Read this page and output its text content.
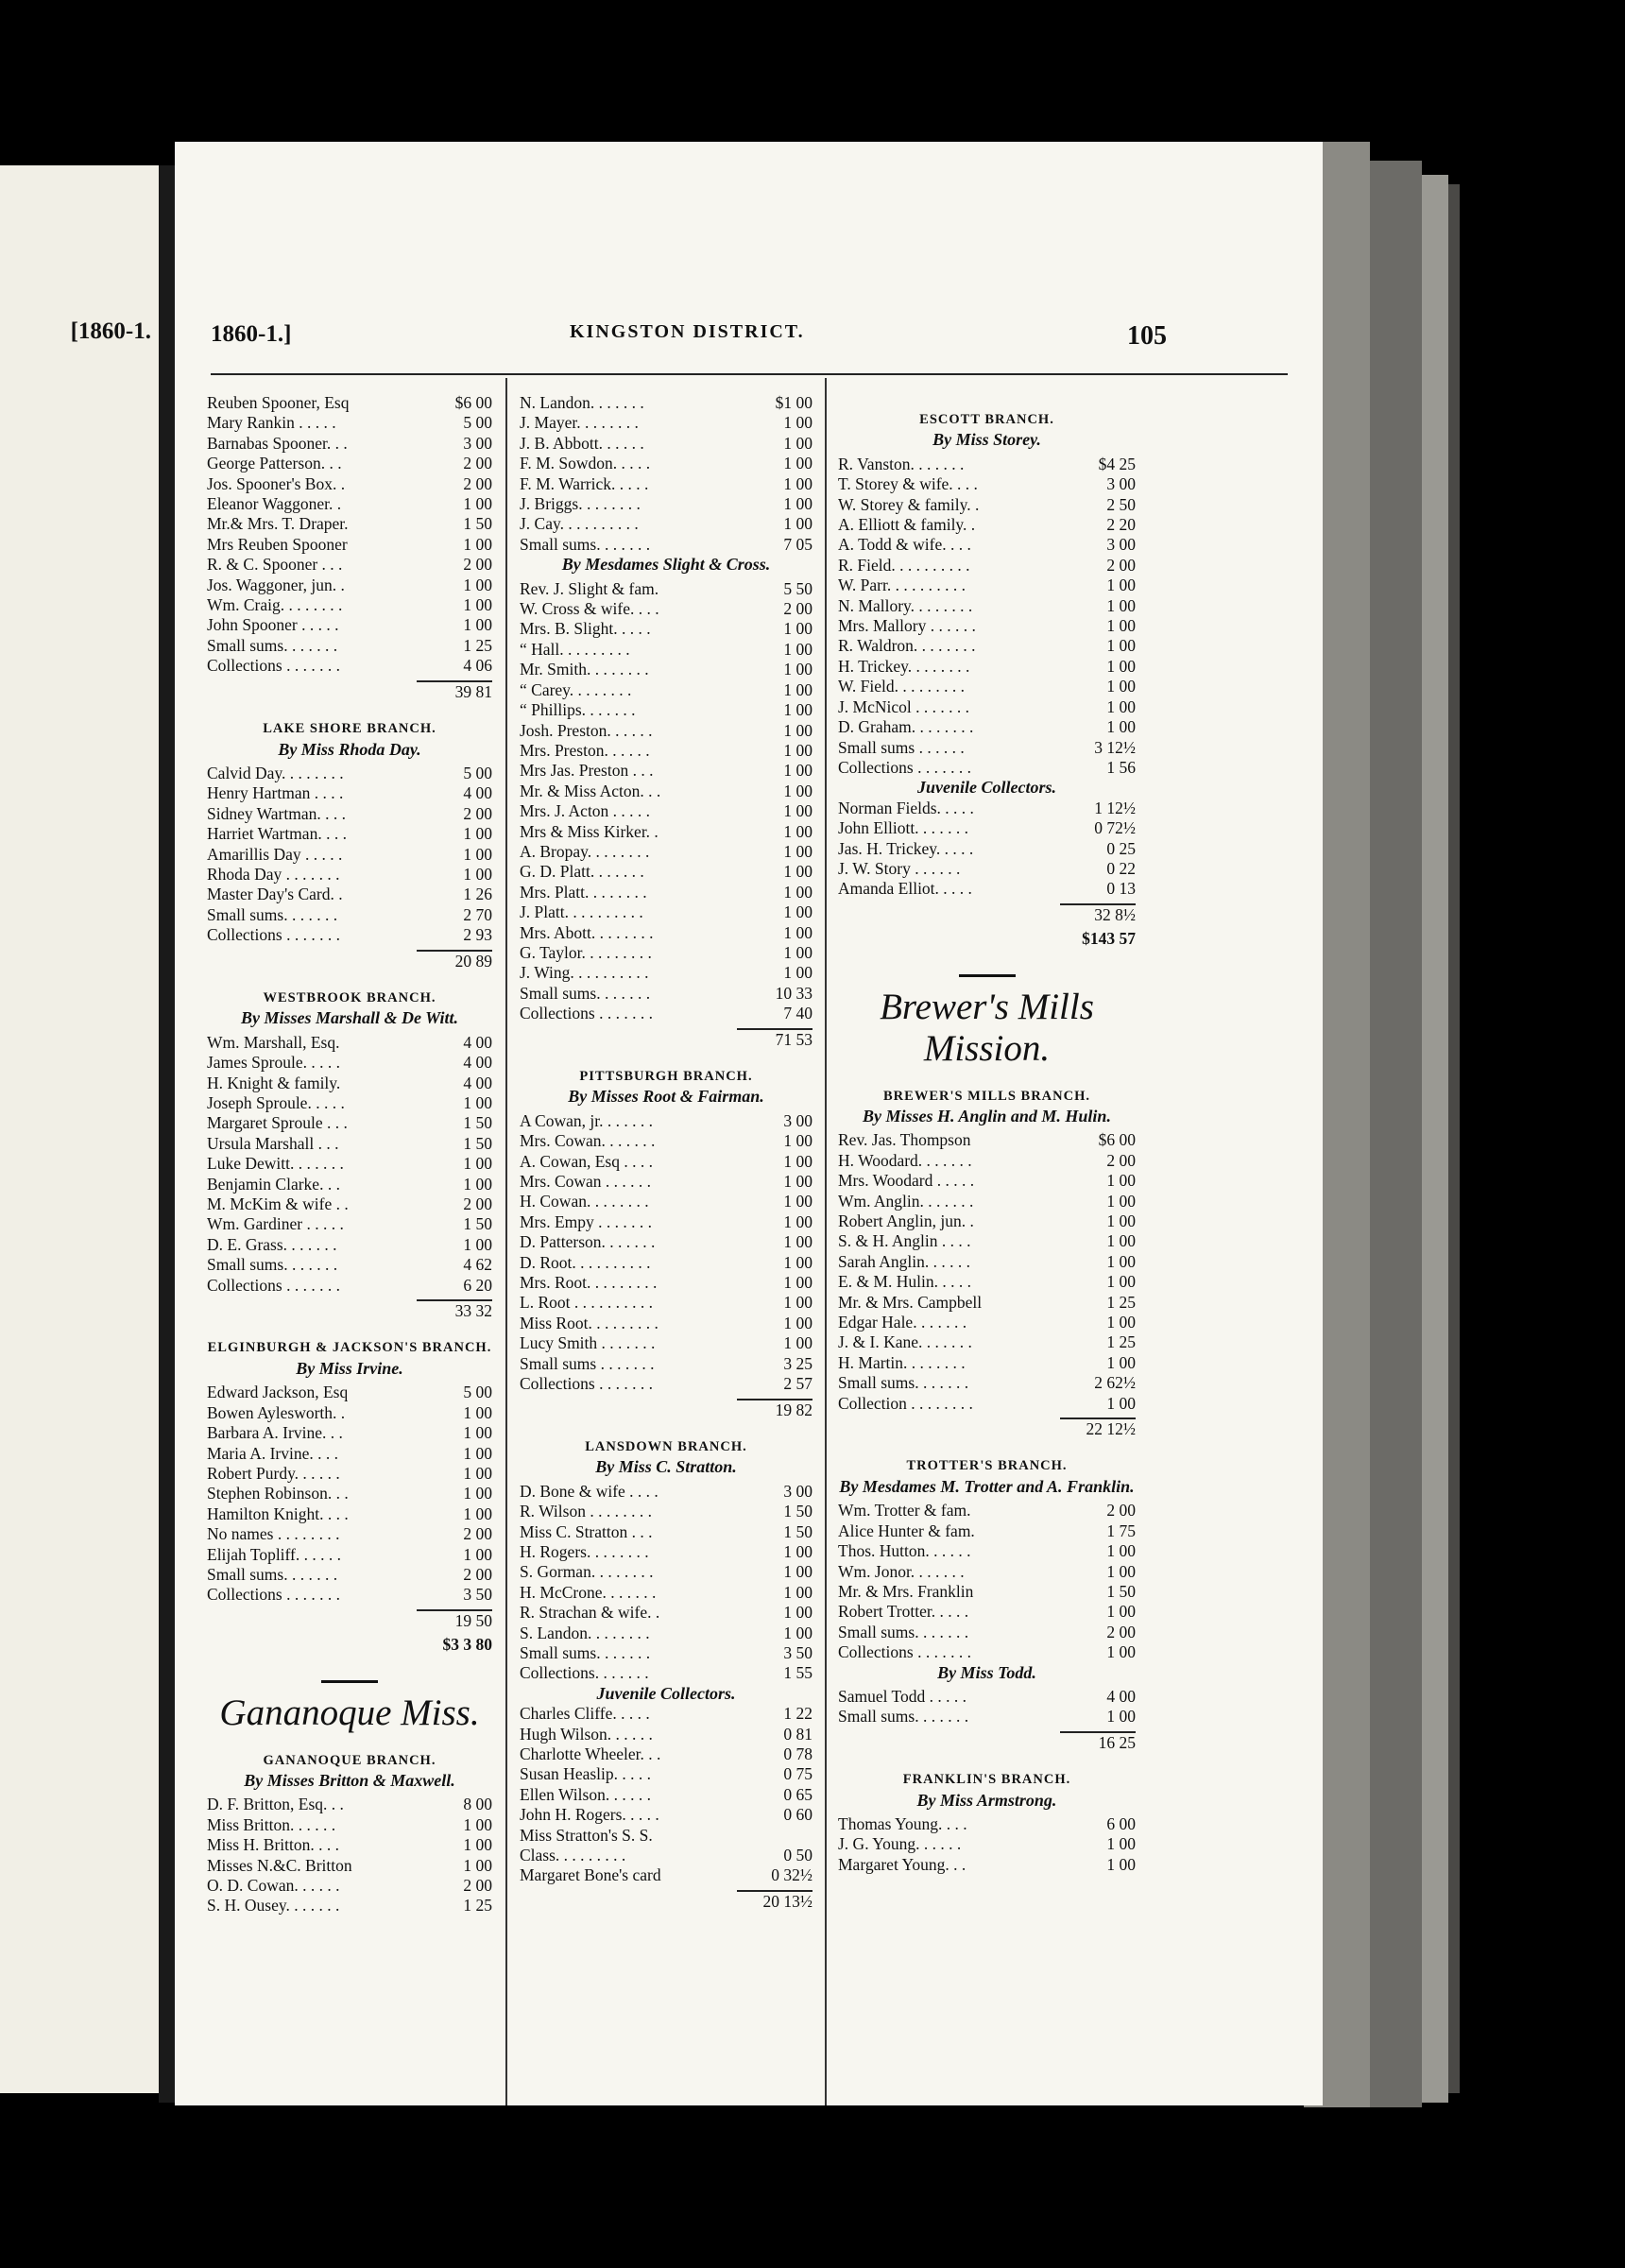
[1860-1.	1860-1.]	KINGSTON DISTRICT.	105
Reuben Spooner, Esq	$6 00
Mary Rankin . . . . .	5 00
Barnabas Spooner. . .	3 00
George Patterson. . .	2 00
Jos. Spooner's Box. .	2 00
Eleanor Waggoner. .	1 00
Mr.& Mrs. T. Draper.	1 50
Mrs Reuben Spooner	1 00
R. & C. Spooner . . .	2 00
Jos. Waggoner, jun. .	1 00
Wm. Craig. . . . . . . .	1 00
John Spooner . . . . .	1 00
Small sums. . . . . . .	1 25
Collections . . . . . . .	4 06
39 81
LAKE SHORE BRANCH.
By Miss Rhoda Day.
Calvid Day. . . . . . . .	5 00
Henry Hartman . . . .	4 00
Sidney Wartman. . . .	2 00
Harriet Wartman. . . .	1 00
Amarillis Day . . . . .	1 00
Rhoda Day . . . . . . .	1 00
Master Day's Card. .	1 26
Small sums. . . . . . .	2 70
Collections . . . . . . .	2 93
20 89
WESTBROOK BRANCH.
By Misses Marshall & De Witt.
Wm. Marshall, Esq.	4 00
James Sproule. . . . .	4 00
H. Knight & family.	4 00
Joseph Sproule. . . . .	1 00
Margaret Sproule . . .	1 50
Ursula Marshall . . .	1 50
Luke Dewitt. . . . . . .	1 00
Benjamin Clarke. . .	1 00
M. McKim & wife . .	2 00
Wm. Gardiner . . . . .	1 50
D. E. Grass. . . . . . .	1 00
Small sums. . . . . . .	4 62
Collections . . . . . . .	6 20
33 32
ELGINBURGH & JACKSON'S BRANCH.
By Miss Irvine.
Edward Jackson, Esq	5 00
Bowen Aylesworth. .	1 00
Barbara A. Irvine. . .	1 00
Maria A. Irvine. . . .	1 00
Robert Purdy. . . . . .	1 00
Stephen Robinson. . .	1 00
Hamilton Knight. . . .	1 00
No names . . . . . . . .	2 00
Elijah Topliff. . . . . .	1 00
Small sums. . . . . . .	2 00
Collections . . . . . . .	3 50
19 50
$3 3 80
Gananoque Miss.
GANANOQUE BRANCH.
By Misses Britton & Maxwell.
D. F. Britton, Esq. . .	8 00
Miss Britton. . . . . .	1 00
Miss H. Britton. . . .	1 00
Misses N.&C. Britton	1 00
O. D. Cowan. . . . . .	2 00
S. H. Ousey. . . . . . .	1 25
N. Landon. . . . . . .	$1 00
J. Mayer. . . . . . . .	1 00
J. B. Abbott. . . . . .	1 00
F. M. Sowdon. . . . .	1 00
F. M. Warrick. . . . .	1 00
J. Briggs. . . . . . . .	1 00
J. Cay. . . . . . . . . .	1 00
Small sums. . . . . . .	7 05
By Mesdames Slight & Cross.
Rev. J. Slight & fam.	5 50
W. Cross & wife. . . .	2 00
Mrs. B. Slight. . . . .	1 00
“ Hall. . . . . . . . .	1 00
Mr. Smith. . . . . . . .	1 00
“ Carey. . . . . . . .	1 00
“ Phillips. . . . . . .	1 00
Josh. Preston. . . . . .	1 00
Mrs. Preston. . . . . .	1 00
Mrs Jas. Preston . . .	1 00
Mr. & Miss Acton. . .	1 00
Mrs. J. Acton . . . . .	1 00
Mrs & Miss Kirker. .	1 00
A. Bropay. . . . . . . .	1 00
G. D. Platt. . . . . . .	1 00
Mrs. Platt. . . . . . . .	1 00
J. Platt. . . . . . . . . .	1 00
Mrs. Abott. . . . . . . .	1 00
G. Taylor. . . . . . . . .	1 00
J. Wing. . . . . . . . . .	1 00
Small sums. . . . . . .	10 33
Collections . . . . . . .	7 40
71 53
PITTSBURGH BRANCH.
By Misses Root & Fairman.
A Cowan, jr. . . . . . .	3 00
Mrs. Cowan. . . . . . .	1 00
A. Cowan, Esq . . . .	1 00
Mrs. Cowan . . . . . .	1 00
H. Cowan. . . . . . . .	1 00
Mrs. Empy . . . . . . .	1 00
D. Patterson. . . . . . .	1 00
D. Root. . . . . . . . . .	1 00
Mrs. Root. . . . . . . . .	1 00
L. Root . . . . . . . . . .	1 00
Miss Root. . . . . . . . .	1 00
Lucy Smith . . . . . . .	1 00
Small sums . . . . . . .	3 25
Collections . . . . . . .	2 57
19 82
LANSDOWN BRANCH.
By Miss C. Stratton.
D. Bone & wife . . . .	3 00
R. Wilson . . . . . . . .	1 50
Miss C. Stratton . . .	1 50
H. Rogers. . . . . . . .	1 00
S. Gorman. . . . . . . .	1 00
H. McCrone. . . . . . .	1 00
R. Strachan & wife. .	1 00
S. Landon. . . . . . . .	1 00
Small sums. . . . . . .	3 50
Collections. . . . . . .	1 55
Juvenile Collectors.
Charles Cliffe. . . . .	1 22
Hugh Wilson. . . . . .	0 81
Charlotte Wheeler. . .	0 78
Susan Heaslip. . . . .	0 75
Ellen Wilson. . . . . .	0 65
John H. Rogers. . . . .	0 60
Miss Stratton's S. S.
Class. . . . . . . . .	0 50
Margaret Bone's card	0 32½
20 13½
ESCOTT BRANCH.
By Miss Storey.
R. Vanston. . . . . . .	$4 25
T. Storey & wife. . . .	3 00
W. Storey & family. .	2 50
A. Elliott & family. .	2 20
A. Todd & wife. . . .	3 00
R. Field. . . . . . . . . .	2 00
W. Parr. . . . . . . . . .	1 00
N. Mallory. . . . . . . .	1 00
Mrs. Mallory . . . . . .	1 00
R. Waldron. . . . . . . .	1 00
H. Trickey. . . . . . . .	1 00
W. Field. . . . . . . . .	1 00
J. McNicol . . . . . . .	1 00
D. Graham. . . . . . . .	1 00
Small sums . . . . . .	3 12½
Collections . . . . . . .	1 56
Juvenile Collectors.
Norman Fields. . . . .	1 12½
John Elliott. . . . . . .	0 72½
Jas. H. Trickey. . . . .	0 25
J. W. Story . . . . . .	0 22
Amanda Elliot. . . . .	0 13
32 8½
$143 57
Brewer's Mills Mission.
BREWER'S MILLS BRANCH.
By Misses H. Anglin and M. Hulin.
Rev. Jas. Thompson	$6 00
H. Woodard. . . . . . .	2 00
Mrs. Woodard . . . . .	1 00
Wm. Anglin. . . . . . .	1 00
Robert Anglin, jun. .	1 00
S. & H. Anglin . . . .	1 00
Sarah Anglin. . . . . .	1 00
E. & M. Hulin. . . . .	1 00
Mr. & Mrs. Campbell	1 25
Edgar Hale. . . . . . .	1 00
J. & I. Kane. . . . . . .	1 25
H. Martin. . . . . . . .	1 00
Small sums. . . . . . .	2 62½
Collection . . . . . . . .	1 00
22 12½
TROTTER'S BRANCH.
By Mesdames M. Trotter and A. Franklin.
Wm. Trotter & fam.	2 00
Alice Hunter & fam.	1 75
Thos. Hutton. . . . . .	1 00
Wm. Jonor. . . . . . .	1 00
Mr. & Mrs. Franklin	1 50
Robert Trotter. . . . .	1 00
Small sums. . . . . . .	2 00
Collections . . . . . . .	1 00
By Miss Todd.
Samuel Todd . . . . .	4 00
Small sums. . . . . . .	1 00
16 25
FRANKLIN'S BRANCH.
By Miss Armstrong.
Thomas Young. . . .	6 00
J. G. Young. . . . . .	1 00
Margaret Young. . .	1 00
